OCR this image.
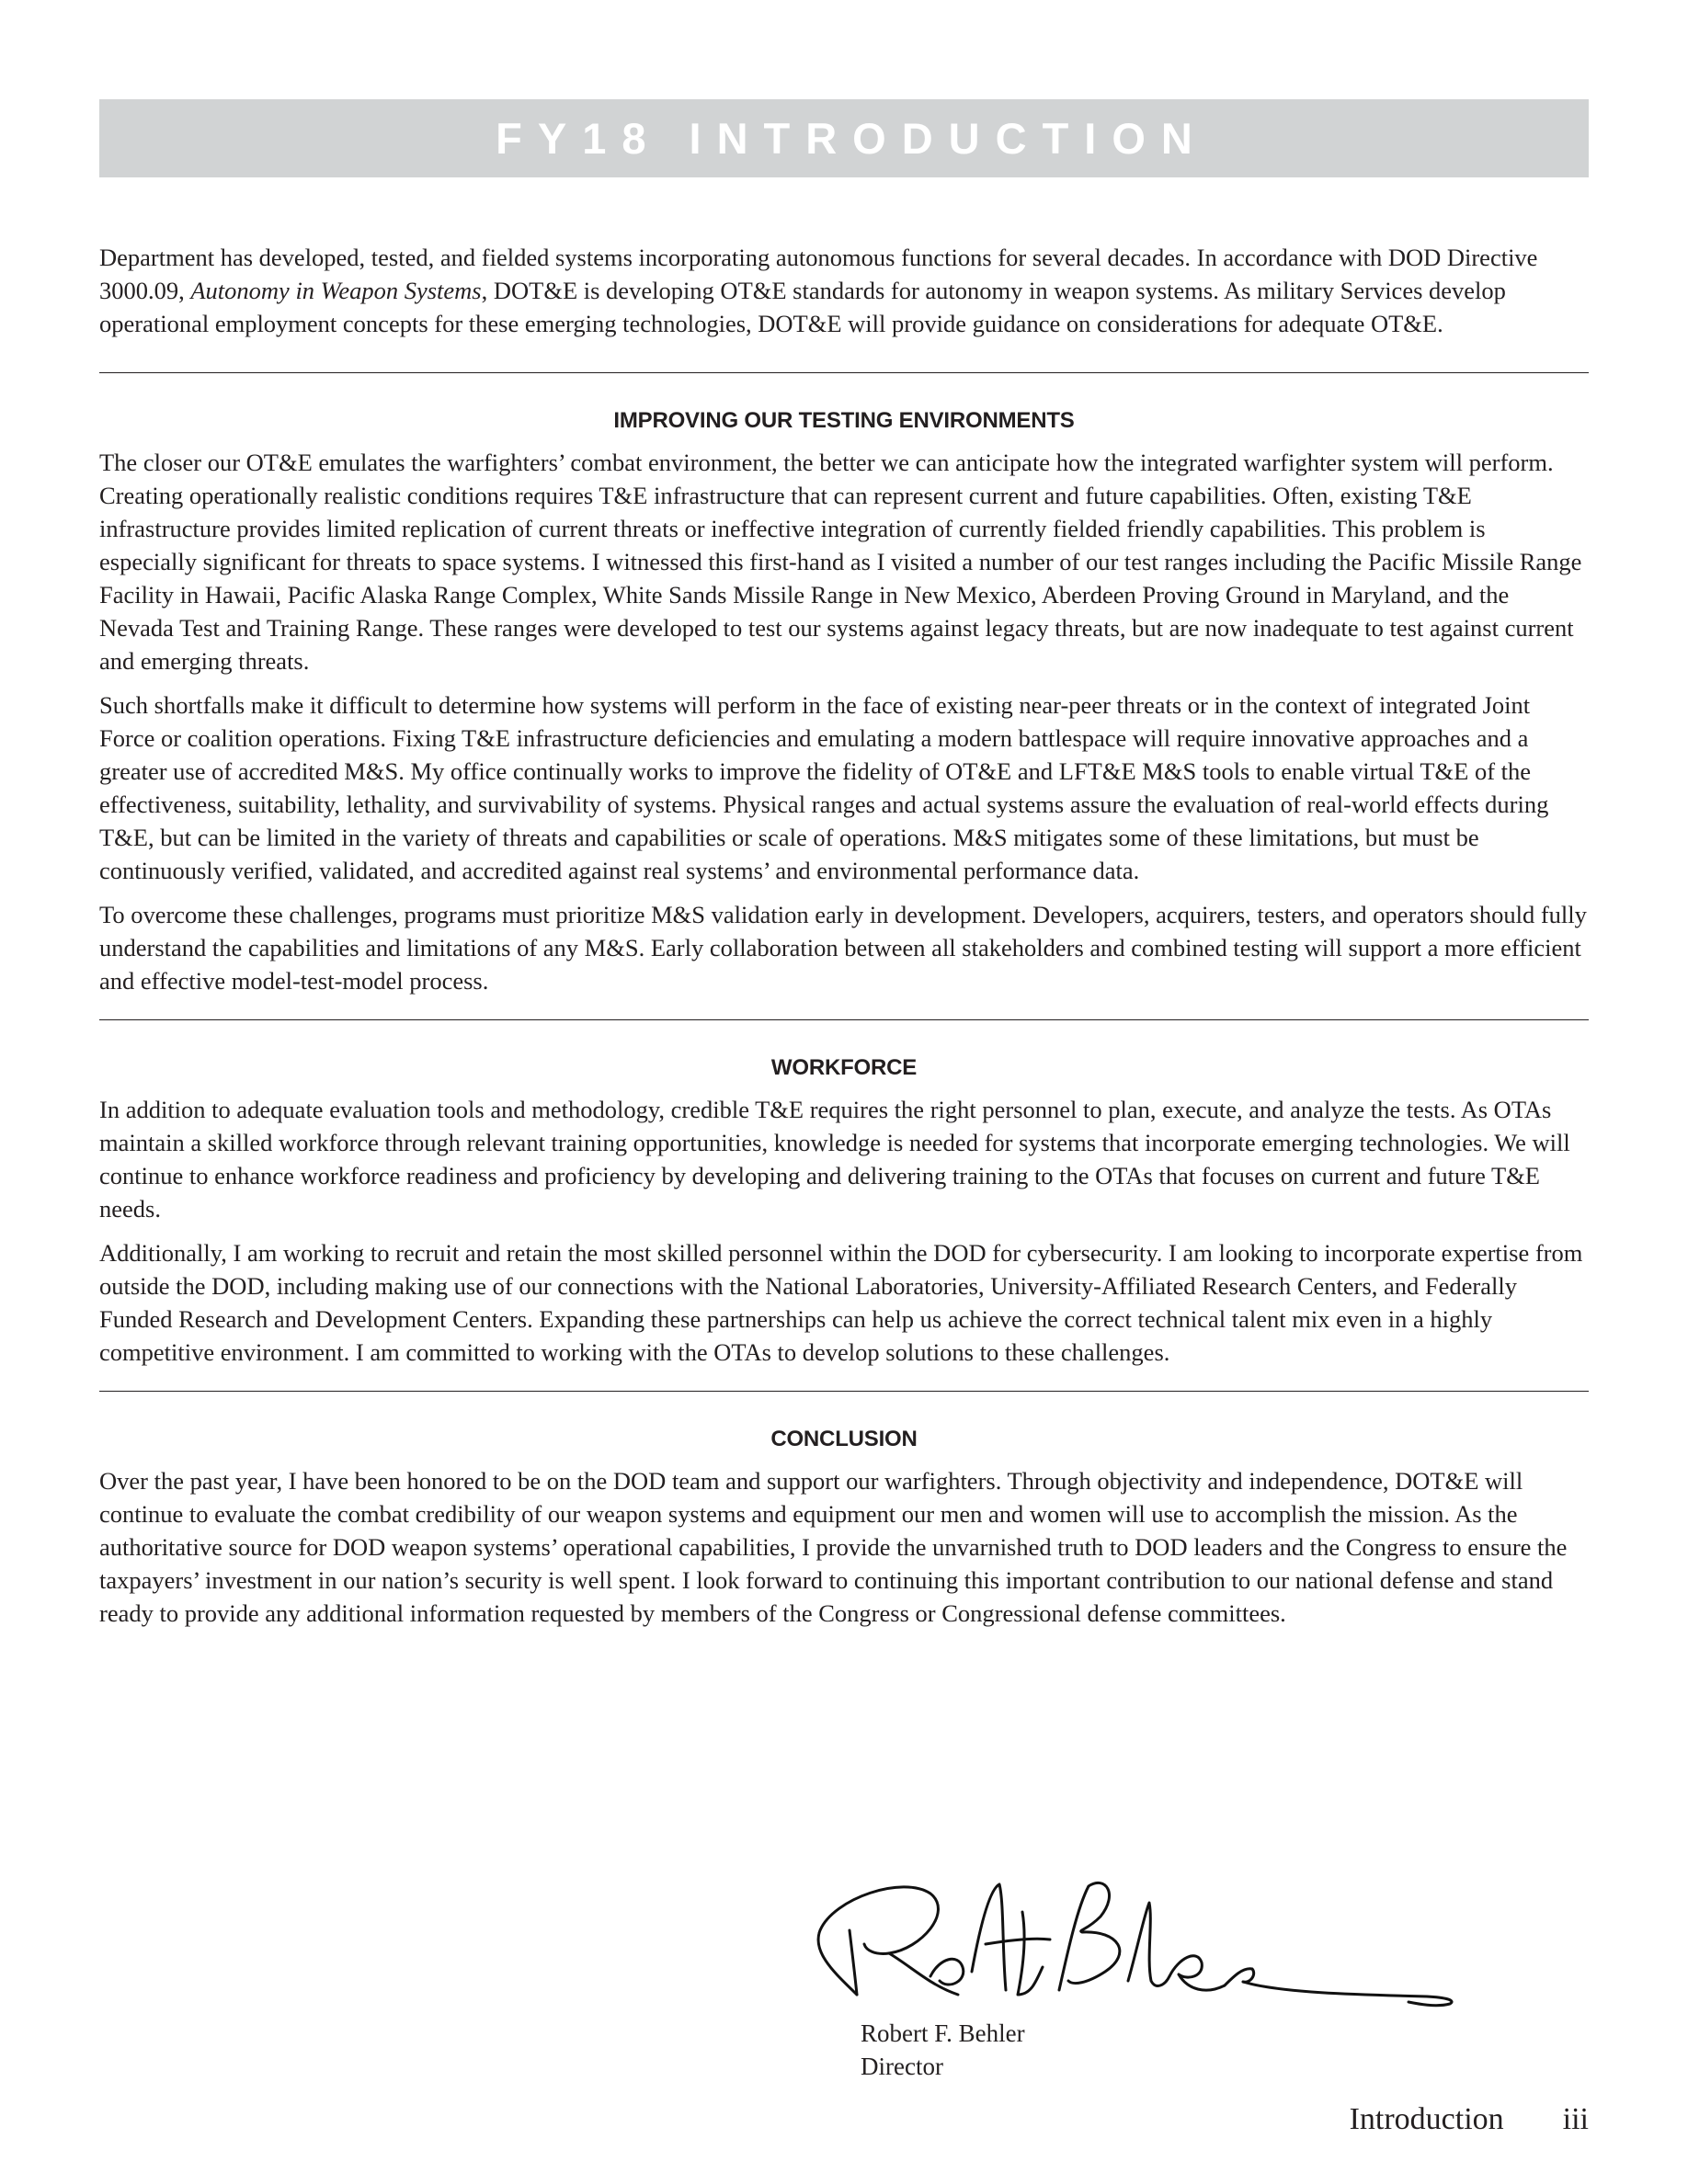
FY18 INTRODUCTION

Department has developed, tested, and fielded systems incorporating autonomous functions for several decades. In accordance with DOD Directive 3000.09, Autonomy in Weapon Systems, DOT&E is developing OT&E standards for autonomy in weapon systems. As military Services develop operational employment concepts for these emerging technologies, DOT&E will provide guidance on considerations for adequate OT&E.

IMPROVING OUR TESTING ENVIRONMENTS

The closer our OT&E emulates the warfighters’ combat environment, the better we can anticipate how the integrated warfighter system will perform. Creating operationally realistic conditions requires T&E infrastructure that can represent current and future capabilities. Often, existing T&E infrastructure provides limited replication of current threats or ineffective integration of currently fielded friendly capabilities. This problem is especially significant for threats to space systems. I witnessed this first-hand as I visited a number of our test ranges including the Pacific Missile Range Facility in Hawaii, Pacific Alaska Range Complex, White Sands Missile Range in New Mexico, Aberdeen Proving Ground in Maryland, and the Nevada Test and Training Range. These ranges were developed to test our systems against legacy threats, but are now inadequate to test against current and emerging threats.

Such shortfalls make it difficult to determine how systems will perform in the face of existing near-peer threats or in the context of integrated Joint Force or coalition operations. Fixing T&E infrastructure deficiencies and emulating a modern battlespace will require innovative approaches and a greater use of accredited M&S. My office continually works to improve the fidelity of OT&E and LFT&E M&S tools to enable virtual T&E of the effectiveness, suitability, lethality, and survivability of systems. Physical ranges and actual systems assure the evaluation of real-world effects during T&E, but can be limited in the variety of threats and capabilities or scale of operations. M&S mitigates some of these limitations, but must be continuously verified, validated, and accredited against real systems’ and environmental performance data.

To overcome these challenges, programs must prioritize M&S validation early in development. Developers, acquirers, testers, and operators should fully understand the capabilities and limitations of any M&S. Early collaboration between all stakeholders and combined testing will support a more efficient and effective model-test-model process.

WORKFORCE

In addition to adequate evaluation tools and methodology, credible T&E requires the right personnel to plan, execute, and analyze the tests. As OTAs maintain a skilled workforce through relevant training opportunities, knowledge is needed for systems that incorporate emerging technologies. We will continue to enhance workforce readiness and proficiency by developing and delivering training to the OTAs that focuses on current and future T&E needs.

Additionally, I am working to recruit and retain the most skilled personnel within the DOD for cybersecurity. I am looking to incorporate expertise from outside the DOD, including making use of our connections with the National Laboratories, University-Affiliated Research Centers, and Federally Funded Research and Development Centers. Expanding these partnerships can help us achieve the correct technical talent mix even in a highly competitive environment. I am committed to working with the OTAs to develop solutions to these challenges.

CONCLUSION

Over the past year, I have been honored to be on the DOD team and support our warfighters. Through objectivity and independence, DOT&E will continue to evaluate the combat credibility of our weapon systems and equipment our men and women will use to accomplish the mission. As the authoritative source for DOD weapon systems’ operational capabilities, I provide the unvarnished truth to DOD leaders and the Congress to ensure the taxpayers’ investment in our nation’s security is well spent. I look forward to continuing this important contribution to our national defense and stand ready to provide any additional information requested by members of the Congress or Congressional defense committees.

Robert F. Behler
Director
Introduction iii
